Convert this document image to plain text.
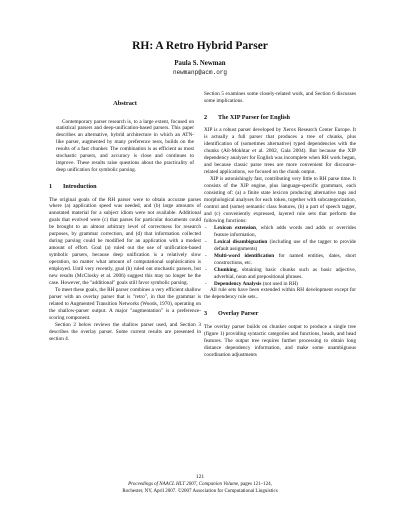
RH: A Retro Hybrid Parser
Paula S. Newman
newmanp@acm.org
Abstract

Contemporary parser research is, to a large extent, focused on statistical parsers and deep-unification-based parsers. This paper describes an alternative, hybrid architecture in which an ATN-like parser, augmented by many preference tests, builds on the results of a fast chunker. The combination is as efficient as most stochastic parsers, and accuracy is close and continues to improve. These results raise questions about the practicality of deep unification for symbolic parsing.

1 Introduction

The original goals of the RH parser were to obtain accurate parses where (a) application speed was needed, and (b) large amounts of annotated material for a subject idiom were not available. Additional goals that evolved were (c) that parses for particular documents could be brought to an almost arbitrary level of correctness for research purposes, by grammar correction, and (d) that information collected during parsing could be modified for an application with a modest amount of effort. Goal (a) ruled out the use of unification-based symbolic parsers, because deep unification is a relatively slow operation, no matter what amount of computational sophistication is employed. Until very recently, goal (b) ruled out stochastic parsers, but new results (McClosky et al. 2006) suggest this may no longer be the case. However, the "additional" goals still favor symbolic parsing.

To meet these goals, the RH parser combines a very efficient shallow parser with an overlay parser that is "retro", in that the grammar is related to Augmented Transition Networks (Woods, 1970), operating on the shallow-parser output. A major "augmentation" is a preference-scoring component.

Section 2 below reviews the shallow parser used, and Section 3 describes the overlay parser. Some current results are presented in section 4.

Section 5 examines some closely-related work, and Section 6 discusses some implications.

2 The XIP Parser for English

XIP is a robust parser developed by Xerox Research Center Europe. It is actually a full parser that produces a tree of chunks, plus identification of (sometimes alternative) typed dependencies with the chunks (Aït-Mokhtar et al. 2002, Gala 2004). But because the XIP dependency analyzer for English was incomplete when RH work began, and because classic parse trees are more convenient for discourse-related applications, we focused on the chunk output.

XIP is astonishingly fast, contributing very little to RH parse time. It consists of the XIP engine, plus language-specific grammars, each consisting of: (a) a finite state lexicon producing alternative tags and morphological analyses for each token, together with subcategorization, control and (some) semantic class features, (b) a part of speech tagger, and (c) conveniently expressed, layered rule sets that perform the following functions:

- Lexicon extension, which adds words and adds or overrides feature information,
- Lexical disambiguation (including use of the tagger to provide default assignments)
- Multi-word identification for named entities, dates, short constructions, etc.
- Chunking, obtaining basic chunks such as basic adjective, adverbial, noun and prepositional phrases.
- Dependency Analysis (not used in RH)

All rule sets have been extended within RH development except for the dependency rule sets..

3 Overlay Parser

The overlay parser builds on chunker output to produce a single tree (figure 1) providing syntactic categories and functions, heads, and head features. The output tree requires further processing to obtain long distance dependency information, and make some unambiguous coordination adjustments

121
Proceedings of NAACL HLT 2007, Companion Volume, pages 121–124,
Rochester, NY, April 2007. ©2007 Association for Computational Linguistics
